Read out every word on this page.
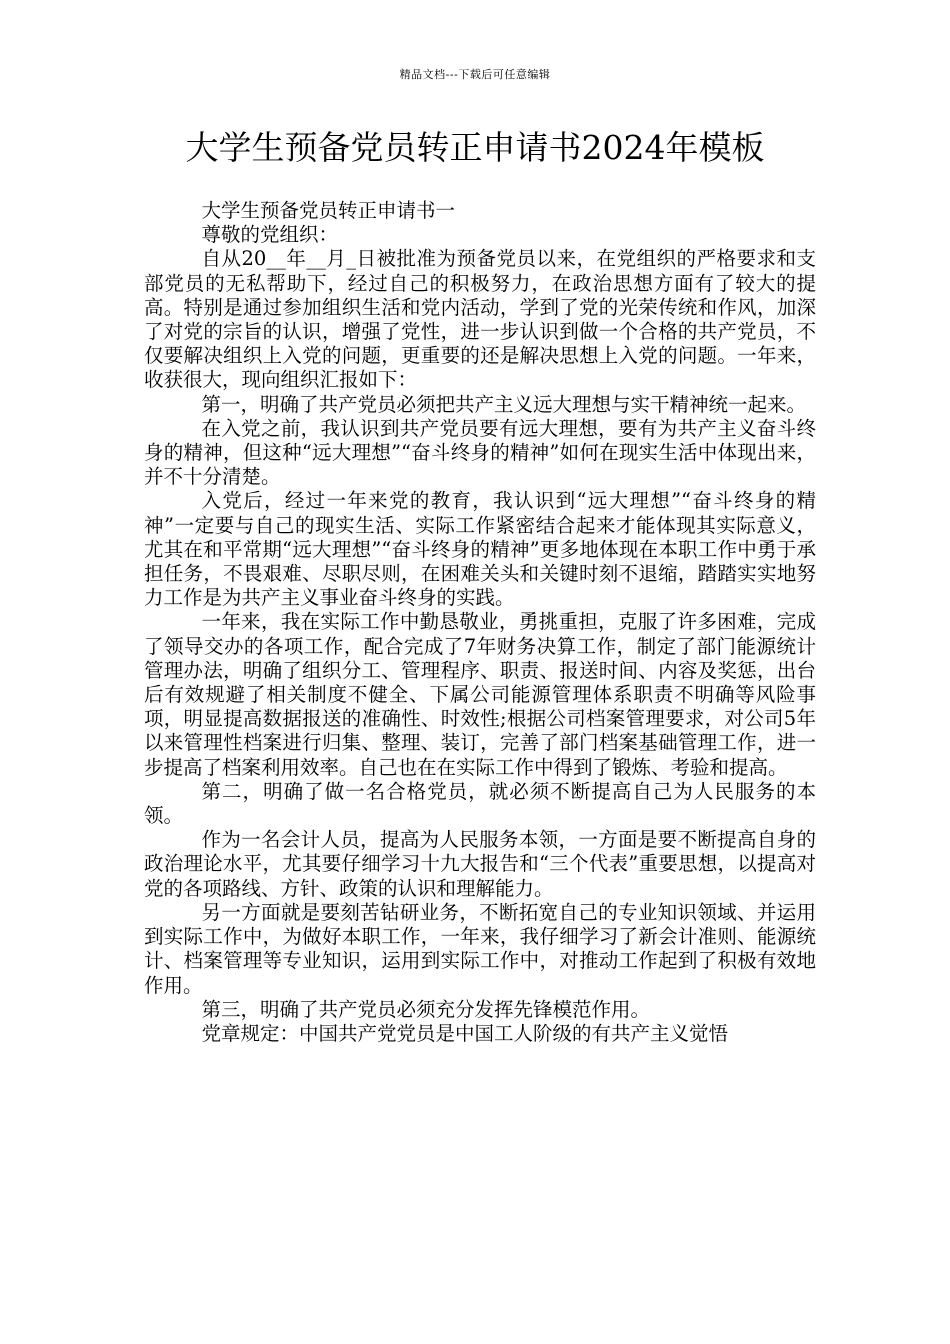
精品文档---下载后可任意编辑
大学生预备党员转正申请书2024年模板

大学生预备党员转正申请书一

尊敬的党组织：

自从20__年__月_日被批准为预备党员以来，在党组织的严格要求和支部党员的无私帮助下，经过自己的积极努力，在政治思想方面有了较大的提高。特别是通过参加组织生活和党内活动，学到了党的光荣传统和作风，加深了对党的宗旨的认识，增强了党性，进一步认识到做一个合格的共产党员，不仅要解决组织上入党的问题，更重要的还是解决思想上入党的问题。一年来，收获很大，现向组织汇报如下：

第一，明确了共产党员必须把共产主义远大理想与实干精神统一起来。

在入党之前，我认识到共产党员要有远大理想，要有为共产主义奋斗终身的精神，但这种“远大理想”“奋斗终身的精神”如何在现实生活中体现出来，并不十分清楚。

入党后，经过一年来党的教育，我认识到“远大理想”“奋斗终身的精神”一定要与自己的现实生活、实际工作紧密结合起来才能体现其实际意义，尤其在和平常期“远大理想”“奋斗终身的精神”更多地体现在本职工作中勇于承担任务，不畏艰难、尽职尽则，在困难关头和关键时刻不退缩，踏踏实实地努力工作是为共产主义事业奋斗终身的实践。

一年来，我在实际工作中勤恳敬业，勇挑重担，克服了许多困难，完成了领导交办的各项工作，配合完成了7年财务决算工作，制定了部门能源统计管理办法，明确了组织分工、管理程序、职责、报送时间、内容及奖惩，出台后有效规避了相关制度不健全、下属公司能源管理体系职责不明确等风险事项，明显提高数据报送的准确性、时效性;根据公司档案管理要求，对公司5年以来管理性档案进行归集、整理、装订，完善了部门档案基础管理工作，进一步提高了档案利用效率。自己也在在实际工作中得到了锻炼、考验和提高。

第二，明确了做一名合格党员，就必须不断提高自己为人民服务的本领。

作为一名会计人员，提高为人民服务本领，一方面是要不断提高自身的政治理论水平，尤其要仔细学习十九大报告和“三个代表”重要思想，以提高对党的各项路线、方针、政策的认识和理解能力。

另一方面就是要刻苦钻研业务，不断拓宽自己的专业知识领域、并运用到实际工作中，为做好本职工作，一年来，我仔细学习了新会计准则、能源统计、档案管理等专业知识，运用到实际工作中，对推动工作起到了积极有效地作用。

第三，明确了共产党员必须充分发挥先锋模范作用。

党章规定：中国共产党党员是中国工人阶级的有共产主义觉悟
